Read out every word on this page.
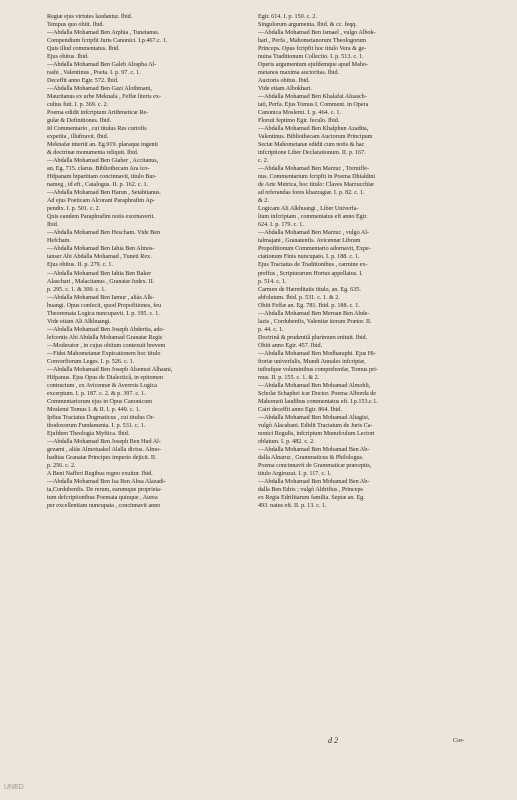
Regiæ ejus virtutes laudantur. Ibid.
Tempus quo obiit. Ibid.
—Abdalla Mohamad Ben Arphia , Tunetanus.
Compendium fcripfit Juris Canonici. I.p.467.c. 1.
Quis illud commentatus. Ibid.
Ejus obitus. Ibid.
—Abdalla Mohamad Ben Galeb Alrapha Al-
rashi , Valentinus , Poeta. I. p. 97. c. 1.
Deceffit anno Egir. 572. Ibid.
—Abdalla Mohamad Ben Gazi Alothmani,
Mauritanus ex urbe Meknafa , Feffæ literis ex-
cultus fuit. I. p. 369. c. 2.
Poema edidit infcriptum Arithmeticæ Re-
gulæ & Definitiones. Ibid.
Id Commentario , cui titulus Res curiofis
expetita , illuftravit. Ibid.
Meknafæ interiit an. Eg.919. plaraque ingenii
& doctrinæ monumenta reliquit. Ibid.
—Abdalla Mohamad Ben Giaber , Accitanus,
an. Eg. 715. clarus. Bibliothecam Ara ico-
Hifpanam bipartitam concinnavit, titulo Bur-
nameg , id eft , Catalogus. II. p. 162. c. 1.
—Abdalla Mohamad Ben Harun , Setabitanus.
Ad ejus Poeticam Alcorani Paraphrafim Ap-
pendix. I. p. 501. c. 2.
Quis eandem Paraphrafim notis exornaverit.
Ibid.
—Abdalla Mohamad Ben Hescham. Vide Ben
Hefcham.
—Abdalla Mohamad Ben Iahia Ben Almos-
tanser Abi Abdalla Mohamad , Tuneti Rex.
Ejus obitus. II. p. 279. c. 1.
—Abdalla Mohamad Ben Iahia Ben Baker
Alaschari , Malacitanus , Granatæ Judex. II.
p. 295. c. 1. & 300. c. 1.
—Abdalla Mohamad Ben Iamur , aliàs Alk-
huangi. Opus confecit, quod Propofitiones, feu
Theoremata Logica nuncupavit. I. p. 195. c. 1.
Vide etiam Ali Alkhuangi.
—Abdalla Mohamad Ben Joseph Abderita, ado-
lefcentis Abi Abdalla Mohamad Granatæ Regis
—Moderator , in cujus obitum contexuit brevem
—Fidei Mahometanæ Expicationem hoc titulo
Converfiorum Leges. I. p. 526. c. 1.
—Abdalla Mohamad Ben Joseph Alsenusi Alhasni,
Hifpanus. Ejus Opus de Dialecticâ, in epitomen
contractum , ex Avicennæ & Averrois Logica
excerptum. I. p. 187. c. 2. & p. 397. c. 1.
Commentariorum ejus in Opus Canonicum
Moslemi Tomus I. & II. I. p. 449. c. 1.
Ipfius Tractatus Dogmaticus , cui titulus Or-
thodoxorum Fundamenta. I. p. 531. c. 1.
Ejufdem Theologia Myftica. Ibid.
—Abdalla Mohamad Ben Joseph Ben Hud Al-
gezami , aliàs Almotuakel Alalla dictus. Almo-
haditas Granatæ Principes imperio dejicit. II.
p. 256. c. 2.
A Beni Nafferi Regibus regno exuitur. Ibid.
—Abdalla Mohamad Ben Isa Ben Absa Alazadi-
ta,Cordubenfis. De rerum, earumque proprieta-
tum defcriptionibus Poemata quinque , Aurea
per excellentiam nuncupata , concinnavit anno
Egir. 614. I. p. 150. c. 2.
Singulorum argumenta. Ibid. & cc. feqq.
—Abdalla Mohamad Ben Ismael , vulgo Albok-
hari , Perfa , Mahometanorum Theologorum
Princeps. Opus fcripfit hoc titulo Vera & ge-
nuina Traditionum Collectio. I. p. 513. c. 1.
Operis argumentum ejufdemque apud Maho-
metanos maxima auctoritas. Ibid.
Auctoris obitus. Ibid.
Vide etiam Albokhari.
—Abdalla Mohamad Ben Khalafat Aluasch-
tati, Perfa. Ejus Tomus I. Comment. in Opera
Canonica Moslemi. I. p. 464. c. 1.
Floruit feptimo Egir. feculo. Ibid.
—Abdalla Mohamad Ben Khalphun Azadita,
Valentinus. Bibliothecam Auctorum Principum
Sectæ Mahometanæ edidit cum notis & hac
infcriptione Liber Declarationum. II. p. 167.
c. 2.
—Abdalla Mohamad Ben Marzuc , Tremiffe-
nus. Commentarium fcripfit in Poema Dhialdini
de Arte Metrica, hoc titulo: Claves Marzucchiæ
ad referandas fores khazragiæ. I. p. 82. c. 1.
& 2.
Logicam Ali Alkhuangi , Liber Univerfa-
lium infcriptam , commentatus eft anno Egir.
624. I. p. 179. c. 1.
—Abdalla Mohamad Ben Marzuc , vulgo Al-
talmajani , Granatenfis. Avicennæ Librum
Propofitionum Commentario adornavit, Expe-
ctationum Finis nuncupato. I. p. 188. c. 1.
Ejus Tractatus de Traditionibus , carmine ex-
preffus , Scripturarum Hortus appellatus. I.
p. 514. c. 1.
Carmen de Hæreditatis titulo, an. Eg. 635.
abfolutum. Ibid. p. 531. c. 1. & 2.
Obiit Feffæ an. Eg. 781. Ibid. p. 188. c. 1.
—Abdalla Mohamad Ben Meruan Ben Abde-
lazis , Cordubenfis, Valentiæ iterum Prætor. II.
p. 44. c. 1.
Doctrinâ & prudentiâ plurimum enituit. Ibid.
Obiit anno Egir. 457. Ibid.
—Abdalla Mohamad Ben Modharaphi. Ejus Hi-
ftoriæ univerfalis, Mundi Annales infcriptæ,
tuibufque voluminibus comprehenfæ, Tomus pri-
mus. II. p. 155. c. 1. & 2.
—Abdalla Mohamad Ben Mohamad Almohli,
Scholæ Schaphei icæ Doctor. Poema Alborda de
Mahometi laudibus commentatus eft. I.p.153.c.1.
Cairi deceffit anno Egir. 864. Ibid.
—Abdalla Mohamad Ben Mohamad Altagisi,
vulgò Alacabani. Edidit Tractatum de Juris Ca-
nonici Regulis, infcriptum Munufculum Lectori
oblatum. I. p. 482. c. 2.
—Abdalla Mohamad Ben Mohamad Ben Ab-
dalla Alnaruz , Grammaticus & Philologus.
Poema concinnavit de Grammaticæ præceptis,
titulo Argiruzat. I. p. 117. c. 1.
—Abdalla Mohamad Ben Mohamad Ben Ab-
dalla Ben Edris ; vulgò Aldrifius , Princeps
ex Regia Edrifitarum familia. Septæ an. Eg.
493. natus eft. II. p. 13. c. 1.
d 2	Cor-
UNED
